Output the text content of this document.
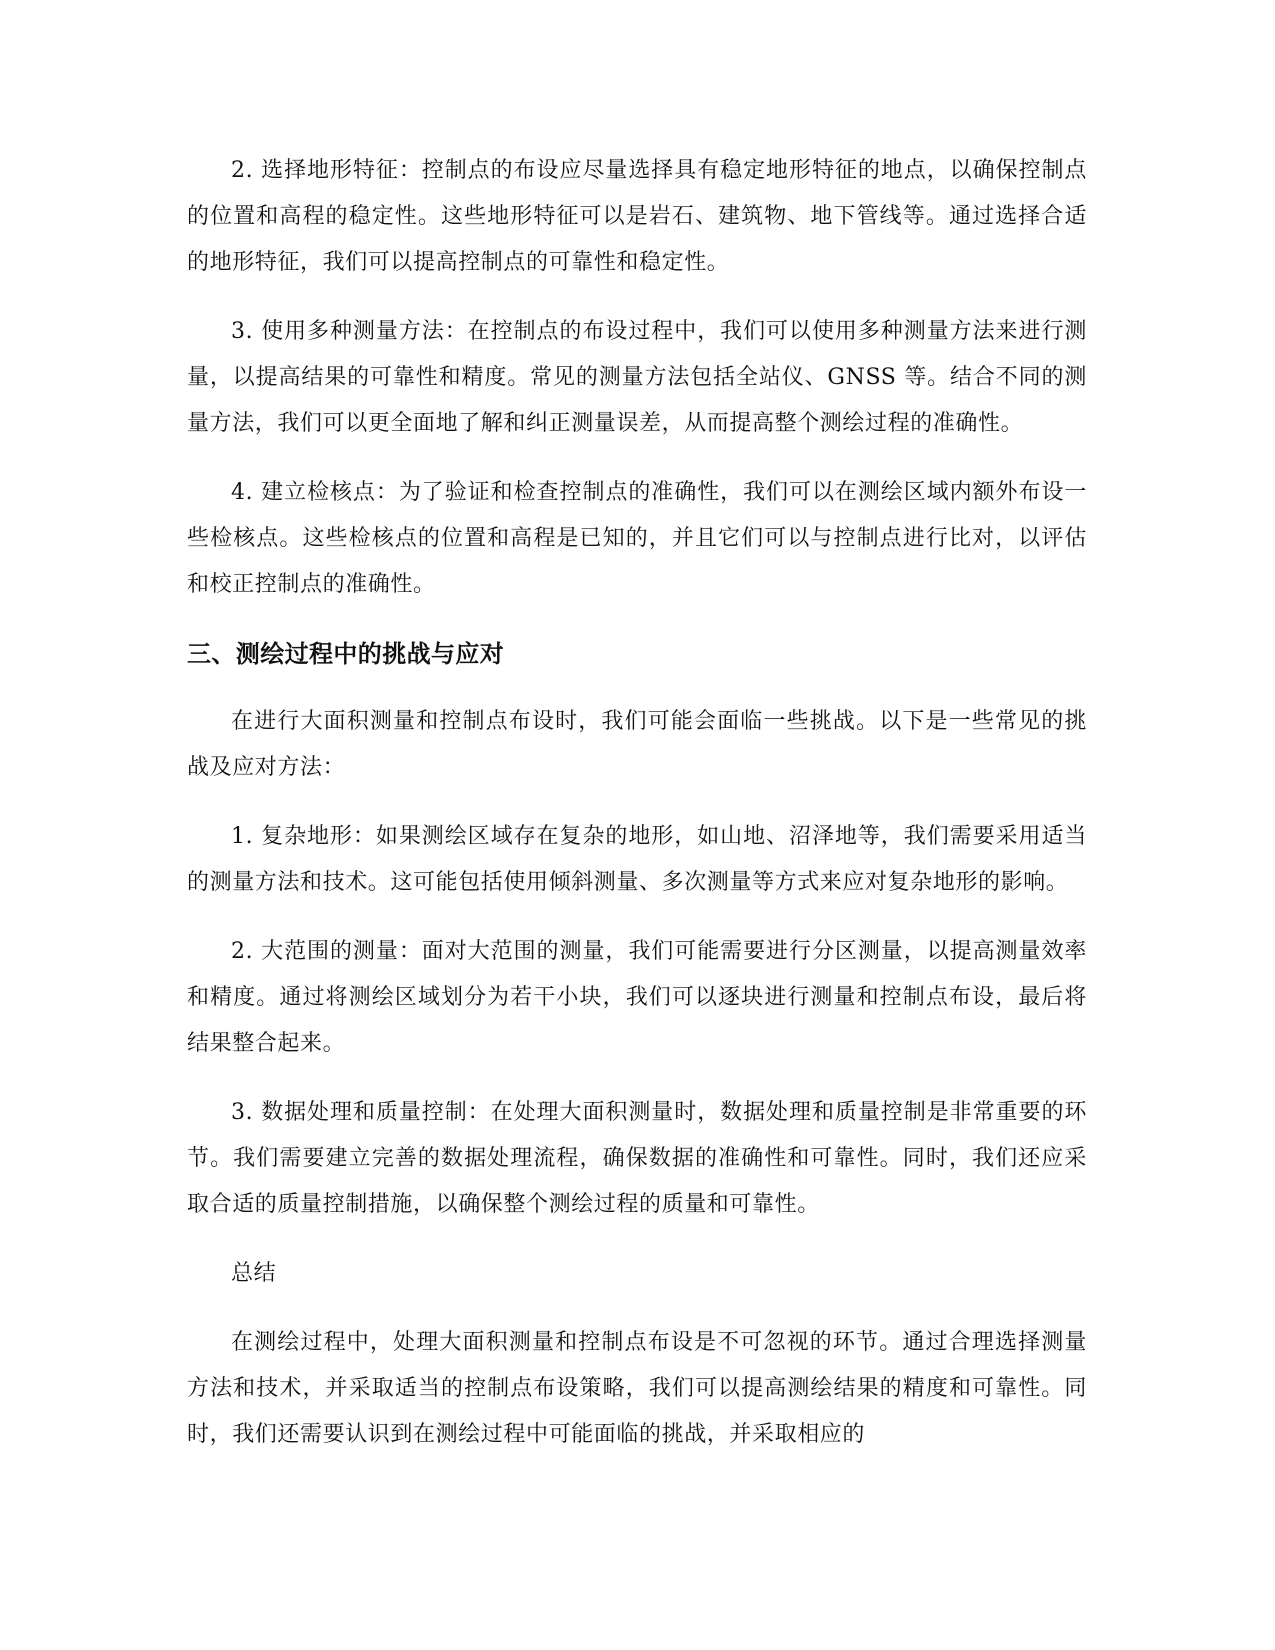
2. 选择地形特征：控制点的布设应尽量选择具有稳定地形特征的地点，以确保控制点的位置和高程的稳定性。这些地形特征可以是岩石、建筑物、地下管线等。通过选择合适的地形特征，我们可以提高控制点的可靠性和稳定性。

3. 使用多种测量方法：在控制点的布设过程中，我们可以使用多种测量方法来进行测量，以提高结果的可靠性和精度。常见的测量方法包括全站仪、GNSS 等。结合不同的测量方法，我们可以更全面地了解和纠正测量误差，从而提高整个测绘过程的准确性。

4. 建立检核点：为了验证和检查控制点的准确性，我们可以在测绘区域内额外布设一些检核点。这些检核点的位置和高程是已知的，并且它们可以与控制点进行比对，以评估和校正控制点的准确性。

三、测绘过程中的挑战与应对

在进行大面积测量和控制点布设时，我们可能会面临一些挑战。以下是一些常见的挑战及应对方法：

1. 复杂地形：如果测绘区域存在复杂的地形，如山地、沼泽地等，我们需要采用适当的测量方法和技术。这可能包括使用倾斜测量、多次测量等方式来应对复杂地形的影响。

2. 大范围的测量：面对大范围的测量，我们可能需要进行分区测量，以提高测量效率和精度。通过将测绘区域划分为若干小块，我们可以逐块进行测量和控制点布设，最后将结果整合起来。

3. 数据处理和质量控制：在处理大面积测量时，数据处理和质量控制是非常重要的环节。我们需要建立完善的数据处理流程，确保数据的准确性和可靠性。同时，我们还应采取合适的质量控制措施，以确保整个测绘过程的质量和可靠性。

总结

在测绘过程中，处理大面积测量和控制点布设是不可忽视的环节。通过合理选择测量方法和技术，并采取适当的控制点布设策略，我们可以提高测绘结果的精度和可靠性。同时，我们还需要认识到在测绘过程中可能面临的挑战，并采取相应的
